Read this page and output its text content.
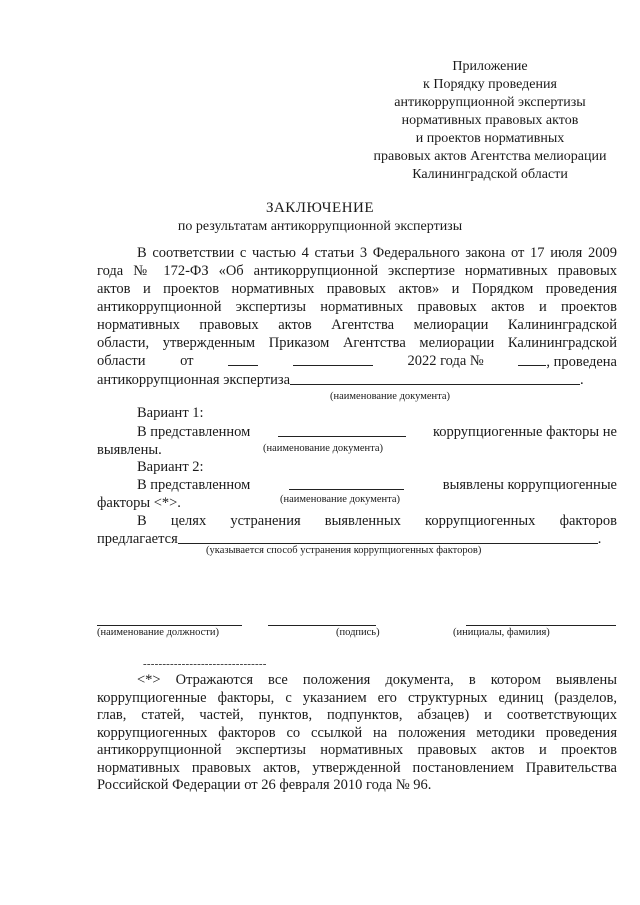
Приложение
к Порядку проведения
антикоррупционной экспертизы
нормативных правовых актов
и проектов нормативных
правовых актов Агентства мелиорации
Калининградской области
ЗАКЛЮЧЕНИЕ
по результатам антикоррупционной экспертизы
В соответствии с частью 4 статьи 3 Федерального закона от 17 июля 2009
года № 172-ФЗ «Об антикоррупционной экспертизе нормативных правовых
актов и проектов нормативных правовых актов» и Порядком проведения
антикоррупционной экспертизы нормативных правовых актов и проектов
нормативных правовых актов Агентства мелиорации Калининградской
области, утвержденным Приказом Агентства мелиорации Калининградской
области от	2022 года №	, проведена
антикоррупционная экспертиза	.
(наименование документа)
Вариант 1:
В представленном	коррупциогенные факторы не
выявлены.	(наименование документа)
Вариант 2:
В представленном	выявлены коррупциогенные
факторы <*>.
В целях устранения выявленных коррупциогенных факторов
предлагается	.
(наименование документа)
(указывается способ устранения коррупциогенных факторов)
(наименование должности)	(подпись)	(инициалы, фамилия)
--------------------------------
<*> Отражаются все положения документа, в котором выявлены
коррупциогенные факторы, с указанием его структурных единиц (разделов,
глав, статей, частей, пунктов, подпунктов, абзацев) и соответствующих
коррупциогенных факторов со ссылкой на положения методики проведения
антикоррупционной экспертизы нормативных правовых актов и проектов
нормативных правовых актов, утвержденной постановлением Правительства
Российской Федерации от 26 февраля 2010 года № 96.
